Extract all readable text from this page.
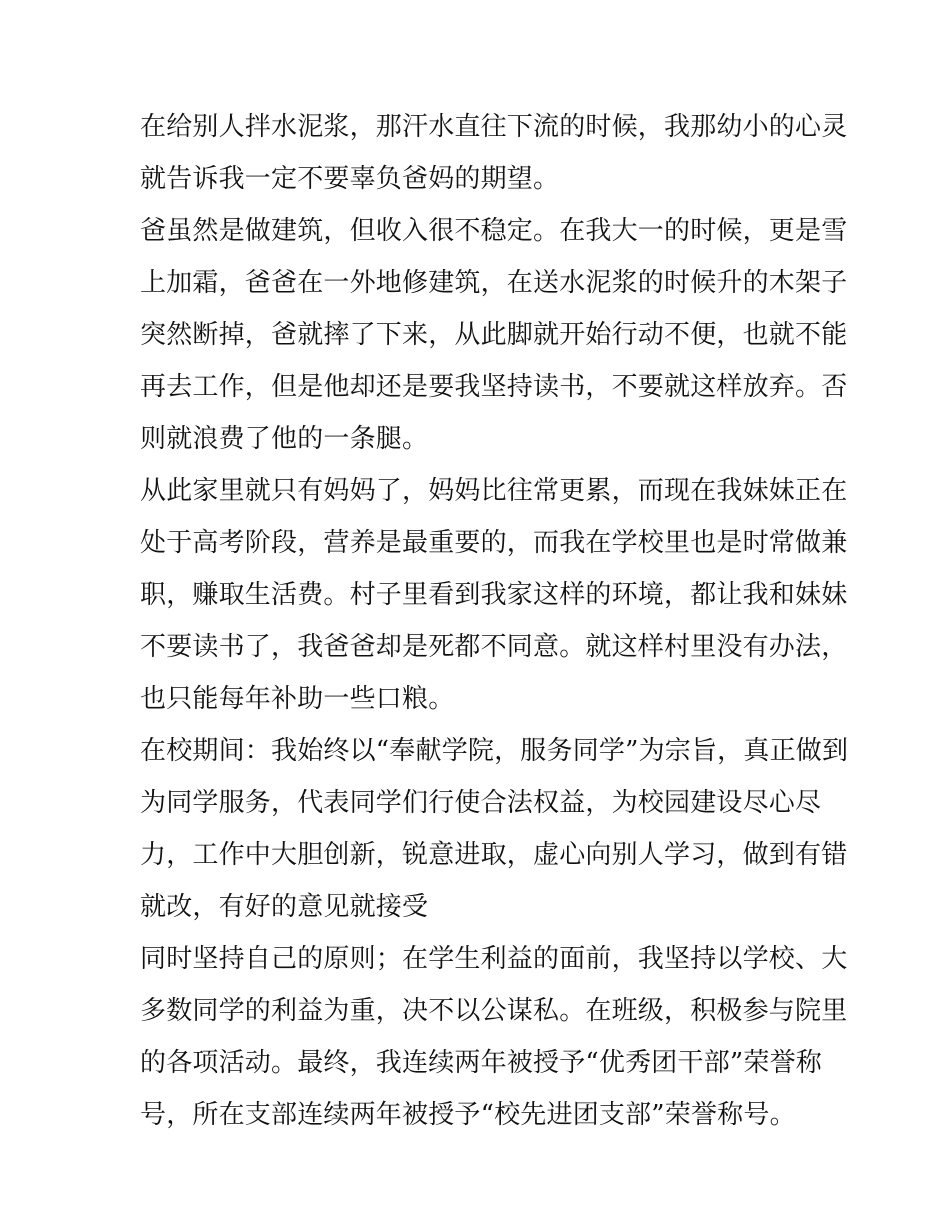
在给别人拌水泥浆，那汗水直往下流的时候，我那幼小的心灵
就告诉我一定不要辜负爸妈的期望。
爸虽然是做建筑，但收入很不稳定。在我大一的时候，更是雪
上加霜，爸爸在一外地修建筑，在送水泥浆的时候升的木架子
突然断掉，爸就摔了下来，从此脚就开始行动不便，也就不能
再去工作，但是他却还是要我坚持读书，不要就这样放弃。否
则就浪费了他的一条腿。
从此家里就只有妈妈了，妈妈比往常更累，而现在我妹妹正在
处于高考阶段，营养是最重要的，而我在学校里也是时常做兼
职，赚取生活费。村子里看到我家这样的环境，都让我和妹妹
不要读书了，我爸爸却是死都不同意。就这样村里没有办法，
也只能每年补助一些口粮。
在校期间：我始终以“奉献学院，服务同学”为宗旨，真正做到
为同学服务，代表同学们行使合法权益，为校园建设尽心尽
力，工作中大胆创新，锐意进取，虚心向别人学习，做到有错
就改，有好的意见就接受
同时坚持自己的原则；在学生利益的面前，我坚持以学校、大
多数同学的利益为重，决不以公谋私。在班级，积极参与院里
的各项活动。最终，我连续两年被授予“优秀团干部”荣誉称
号，所在支部连续两年被授予“校先进团支部”荣誉称号。
